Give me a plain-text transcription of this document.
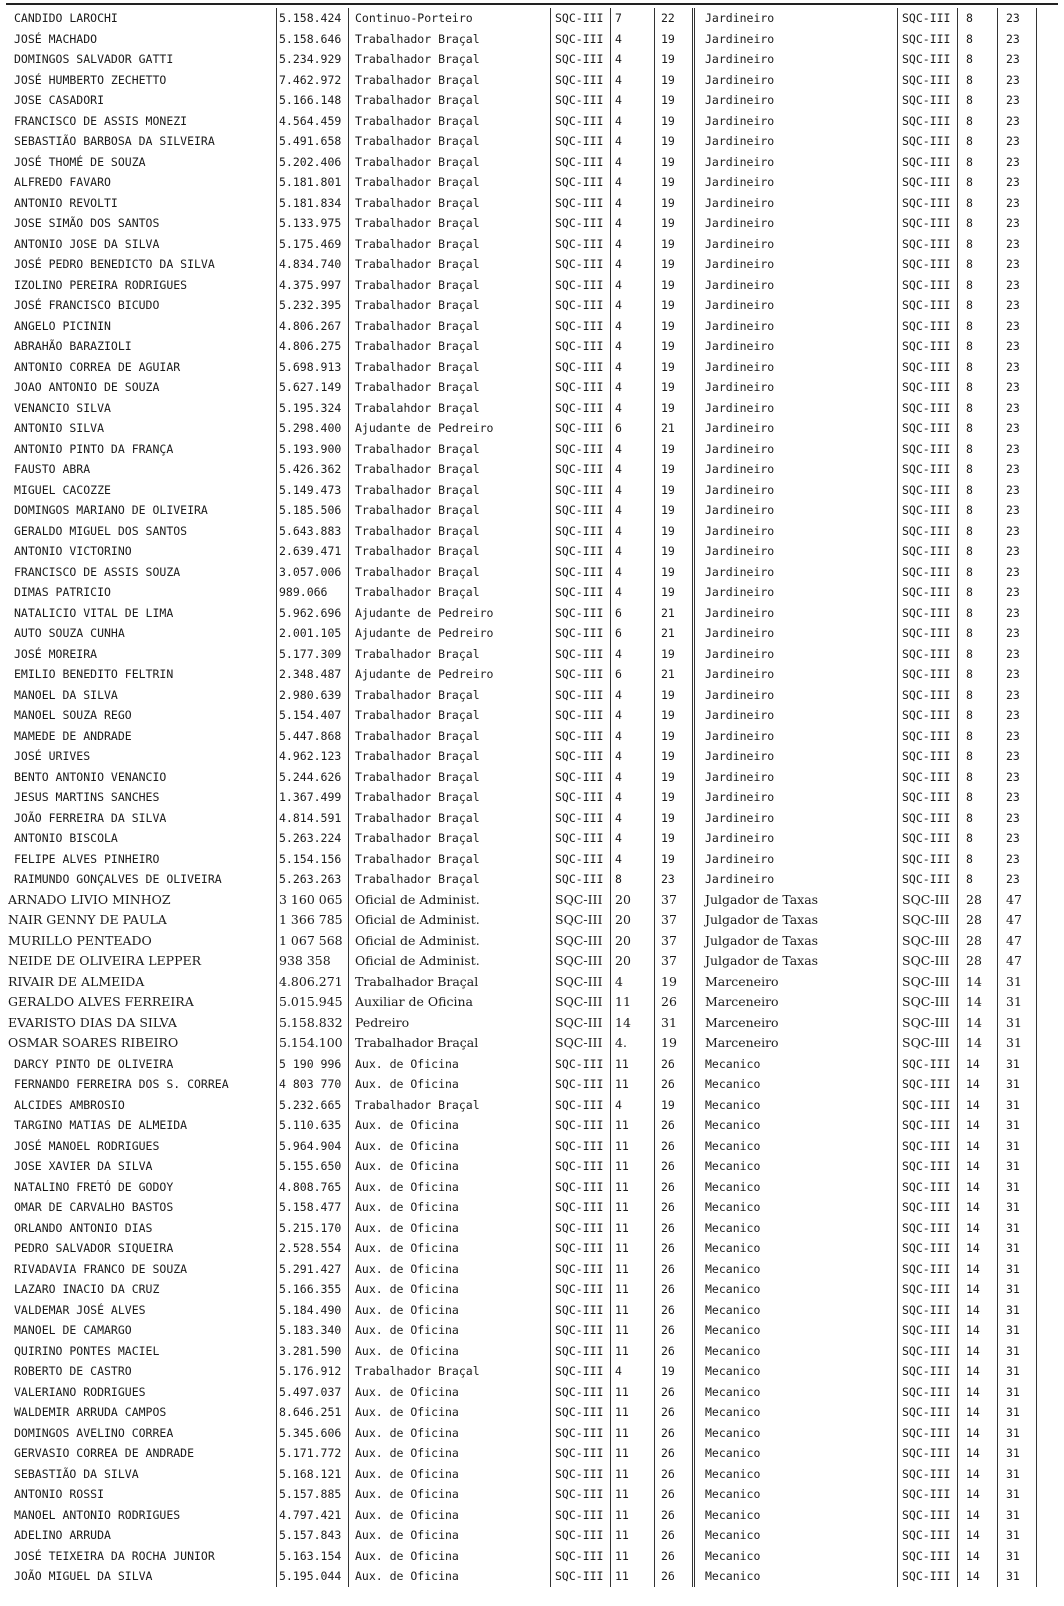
CANDIDO LAROCHI	5.158.424	Continuo-Porteiro	SQC-III	7	22	Jardineiro	SQC-III	8	23
JOSÉ MACHADO	5.158.646	Trabalhador Braçal	SQC-III	4	19	Jardineiro	SQC-III	8	23
DOMINGOS SALVADOR GATTI	5.234.929	Trabalhador Braçal	SQC-III	4	19	Jardineiro	SQC-III	8	23
JOSÉ HUMBERTO ZECHETTO	7.462.972	Trabalhador Braçal	SQC-III	4	19	Jardineiro	SQC-III	8	23
JOSE CASADORI	5.166.148	Trabalhador Braçal	SQC-III	4	19	Jardineiro	SQC-III	8	23
FRANCISCO DE ASSIS MONEZI	4.564.459	Trabalhador Braçal	SQC-III	4	19	Jardineiro	SQC-III	8	23
SEBASTIÃO BARBOSA DA SILVEIRA	5.491.658	Trabalhador Braçal	SQC-III	4	19	Jardineiro	SQC-III	8	23
JOSÉ THOMÉ DE SOUZA	5.202.406	Trabalhador Braçal	SQC-III	4	19	Jardineiro	SQC-III	8	23
ALFREDO FAVARO	5.181.801	Trabalhador Braçal	SQC-III	4	19	Jardineiro	SQC-III	8	23
ANTONIO REVOLTI	5.181.834	Trabalhador Braçal	SQC-III	4	19	Jardineiro	SQC-III	8	23
JOSE SIMÃO DOS SANTOS	5.133.975	Trabalhador Braçal	SQC-III	4	19	Jardineiro	SQC-III	8	23
ANTONIO JOSE DA SILVA	5.175.469	Trabalhador Braçal	SQC-III	4	19	Jardineiro	SQC-III	8	23
JOSÉ PEDRO BENEDICTO DA SILVA	4.834.740	Trabalhador Braçal	SQC-III	4	19	Jardineiro	SQC-III	8	23
IZOLINO PEREIRA RODRIGUES	4.375.997	Trabalhador Braçal	SQC-III	4	19	Jardineiro	SQC-III	8	23
JOSÉ FRANCISCO BICUDO	5.232.395	Trabalhador Braçal	SQC-III	4	19	Jardineiro	SQC-III	8	23
ANGELO PICININ	4.806.267	Trabalhador Braçal	SQC-III	4	19	Jardineiro	SQC-III	8	23
ABRAHÃO BARAZIOLI	4.806.275	Trabalhador Braçal	SQC-III	4	19	Jardineiro	SQC-III	8	23
ANTONIO CORREA DE AGUIAR	5.698.913	Trabalhador Braçal	SQC-III	4	19	Jardineiro	SQC-III	8	23
JOAO ANTONIO DE SOUZA	5.627.149	Trabalhador Braçal	SQC-III	4	19	Jardineiro	SQC-III	8	23
VENANCIO SILVA	5.195.324	Trabalahdor Braçal	SQC-III	4	19	Jardineiro	SQC-III	8	23
ANTONIO SILVA	5.298.400	Ajudante de Pedreiro	SQC-III	6	21	Jardineiro	SQC-III	8	23
ANTONIO PINTO DA FRANÇA	5.193.900	Trabalhador Braçal	SQC-III	4	19	Jardineiro	SQC-III	8	23
FAUSTO ABRA	5.426.362	Trabalhador Braçal	SQC-III	4	19	Jardineiro	SQC-III	8	23
MIGUEL CACOZZE	5.149.473	Trabalhador Braçal	SQC-III	4	19	Jardineiro	SQC-III	8	23
DOMINGOS MARIANO DE OLIVEIRA	5.185.506	Trabalhador Braçal	SQC-III	4	19	Jardineiro	SQC-III	8	23
GERALDO MIGUEL DOS SANTOS	5.643.883	Trabalhador Braçal	SQC-III	4	19	Jardineiro	SQC-III	8	23
ANTONIO VICTORINO	2.639.471	Trabalhador Braçal	SQC-III	4	19	Jardineiro	SQC-III	8	23
FRANCISCO DE ASSIS SOUZA	3.057.006	Trabalhador Braçal	SQC-III	4	19	Jardineiro	SQC-III	8	23
DIMAS PATRICIO	989.066	Trabalhador Braçal	SQC-III	4	19	Jardineiro	SQC-III	8	23
NATALICIO VITAL DE LIMA	5.962.696	Ajudante de Pedreiro	SQC-III	6	21	Jardineiro	SQC-III	8	23
AUTO SOUZA CUNHA	2.001.105	Ajudante de Pedreiro	SQC-III	6	21	Jardineiro	SQC-III	8	23
JOSÉ MOREIRA	5.177.309	Trabalhador Braçal	SQC-III	4	19	Jardineiro	SQC-III	8	23
EMILIO BENEDITO FELTRIN	2.348.487	Ajudante de Pedreiro	SQC-III	6	21	Jardineiro	SQC-III	8	23
MANOEL DA SILVA	2.980.639	Trabalhador Braçal	SQC-III	4	19	Jardineiro	SQC-III	8	23
MANOEL SOUZA REGO	5.154.407	Trabalhador Braçal	SQC-III	4	19	Jardineiro	SQC-III	8	23
MAMEDE DE ANDRADE	5.447.868	Trabalhador Braçal	SQC-III	4	19	Jardineiro	SQC-III	8	23
JOSÉ URIVES	4.962.123	Trabalhador Braçal	SQC-III	4	19	Jardineiro	SQC-III	8	23
BENTO ANTONIO VENANCIO	5.244.626	Trabalhador Braçal	SQC-III	4	19	Jardineiro	SQC-III	8	23
JESUS MARTINS SANCHES	1.367.499	Trabalhador Braçal	SQC-III	4	19	Jardineiro	SQC-III	8	23
JOÃO FERREIRA DA SILVA	4.814.591	Trabalhador Braçal	SQC-III	4	19	Jardineiro	SQC-III	8	23
ANTONIO BISCOLA	5.263.224	Trabalhador Braçal	SQC-III	4	19	Jardineiro	SQC-III	8	23
FELIPE ALVES PINHEIRO	5.154.156	Trabalhador Braçal	SQC-III	4	19	Jardineiro	SQC-III	8	23
RAIMUNDO GONÇALVES DE OLIVEIRA	5.263.263	Trabalhador Braçal	SQC-III	8	23	Jardineiro	SQC-III	8	23
ARNADO LIVIO MINHOZ	3 160 065 Oficial de Administ.	SQC-III	20	37	Julgador de Taxas	SQC-III	28	47
NAIR GENNY DE PAULA	1 366 785 Oficial de Administ.	SQC-III	20	37	Julgador de Taxas	SQC-III	28	47
MURILLO PENTEADO	1 067 568 Oficial de Administ.	SQC-III	20	37	Julgador de Taxas	SQC-III	28	47
NEIDE DE OLIVEIRA LEPPER	938 358	Oficial de Administ.	SQC-III	20	37	Julgador de Taxas	SQC-III	28	47
RIVAIR DE ALMEIDA	4.806.271 Trabalhador Braçal	SQC-III	4	19	Marceneiro	SQC-III	14	31
GERALDO ALVES FERREIRA	5.015.945 Auxiliar de Oficina	SQC-III	11	26	Marceneiro	SQC-III	14	31
EVARISTO DIAS DA SILVA	5.158.832 Pedreiro	SQC-III	14	31	Marceneiro	SQC-III	14	31
OSMAR SOARES RIBEIRO	5.154.100 Trabalhador Braçal	SQC-III	4.	19	Marceneiro	SQC-III	14	31
DARCY PINTO DE OLIVEIRA	5 190 996	Aux. de Oficina	SQC-III	11	26	Mecanico	SQC-III	14	31
FERNANDO FERREIRA DOS S. CORREA	4 803 770	Aux. de Oficina	SQC-III	11	26	Mecanico	SQC-III	14	31
ALCIDES AMBROSIO	5.232.665	Trabalhador Braçal	SQC-III	4	19	Mecanico	SQC-III	14	31
TARGINO MATIAS DE ALMEIDA	5.110.635	Aux. de Oficina	SQC-III	11	26	Mecanico	SQC-III	14	31
JOSÉ MANOEL RODRIGUES	5.964.904	Aux. de Oficina	SQC-III	11	26	Mecanico	SQC-III	14	31
JOSE XAVIER DA SILVA	5.155.650	Aux. de Oficina	SQC-III	11	26	Mecanico	SQC-III	14	31
NATALINO FRETÓ DE GODOY	4.808.765	Aux. de Oficina	SQC-III	11	26	Mecanico	SQC-III	14	31
OMAR DE CARVALHO BASTOS	5.158.477	Aux. de Oficina	SQC-III	11	26	Mecanico	SQC-III	14	31
ORLANDO ANTONIO DIAS	5.215.170	Aux. de Oficina	SQC-III	11	26	Mecanico	SQC-III	14	31
PEDRO SALVADOR SIQUEIRA	2.528.554	Aux. de Oficina	SQC-III	11	26	Mecanico	SQC-III	14	31
RIVADAVIA FRANCO DE SOUZA	5.291.427	Aux. de Oficina	SQC-III	11	26	Mecanico	SQC-III	14	31
LAZARO INACIO DA CRUZ	5.166.355	Aux. de Oficina	SQC-III	11	26	Mecanico	SQC-III	14	31
VALDEMAR JOSÉ ALVES	5.184.490	Aux. de Oficina	SQC-III	11	26	Mecanico	SQC-III	14	31
MANOEL DE CAMARGO	5.183.340	Aux. de Oficina	SQC-III	11	26	Mecanico	SQC-III	14	31
QUIRINO PONTES MACIEL	3.281.590	Aux. de Oficina	SQC-III	11	26	Mecanico	SQC-III	14	31
ROBERTO DE CASTRO	5.176.912	Trabalhador Braçal	SQC-III	4	19	Mecanico	SQC-III	14	31
VALERIANO RODRIGUES	5.497.037	Aux. de Oficina	SQC-III	11	26	Mecanico	SQC-III	14	31
WALDEMIR ARRUDA CAMPOS	8.646.251	Aux. de Oficina	SQC-III	11	26	Mecanico	SQC-III	14	31
DOMINGOS AVELINO CORREA	5.345.606	Aux. de Oficina	SQC-III	11	26	Mecanico	SQC-III	14	31
GERVASIO CORREA DE ANDRADE	5.171.772	Aux. de Oficina	SQC-III	11	26	Mecanico	SQC-III	14	31
SEBASTIÃO DA SILVA	5.168.121	Aux. de Oficina	SQC-III	11	26	Mecanico	SQC-III	14	31
ANTONIO ROSSI	5.157.885	Aux. de Oficina	SQC-III	11	26	Mecanico	SQC-III	14	31
MANOEL ANTONIO RODRIGUES	4.797.421	Aux. de Oficina	SQC-III	11	26	Mecanico	SQC-III	14	31
ADELINO ARRUDA	5.157.843	Aux. de Oficina	SQC-III	11	26	Mecanico	SQC-III	14	31
JOSÉ TEIXEIRA DA ROCHA JUNIOR	5.163.154	Aux. de Oficina	SQC-III	11	26	Mecanico	SQC-III	14	31
JOÃO MIGUEL DA SILVA	5.195.044	Aux. de Oficina	SQC-III	11	26	Mecanico	SQC-III	14	31
